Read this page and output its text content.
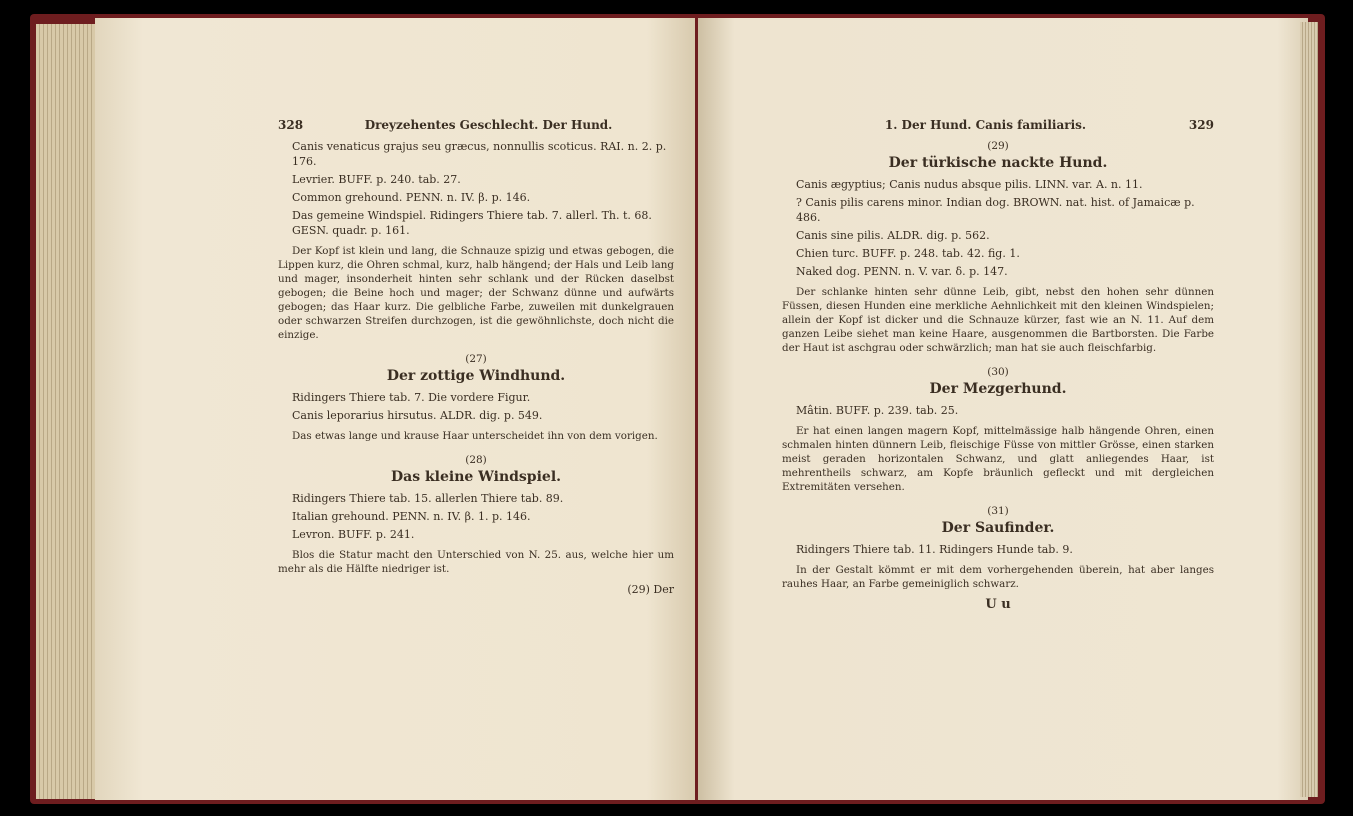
328	Dreyzehentes Geschlecht. Der Hund.
Canis venaticus grajus seu græcus, nonnullis scoticus. RAI. n. 2. p. 176.
Levrier. BUFF. p. 240. tab. 27.
Common grehound. PENN. n. IV. β. p. 146.
Das gemeine Windspiel. Ridingers Thiere tab. 7. allerl. Th. t. 68. GESN. quadr. p. 161.
Der Kopf ist klein und lang, die Schnauze spizig und etwas gebogen, die Lippen kurz, die Ohren schmal, kurz, halb hängend; der Hals und Leib lang und mager, insonderheit hinten sehr schlank und der Rücken daselbst gebogen; die Beine hoch und mager; der Schwanz dünne und aufwärts gebogen; das Haar kurz. Die gelbliche Farbe, zuweilen mit dunkelgrauen oder schwarzen Streifen durchzogen, ist die gewöhnlichste, doch nicht die einzige.
(27)
Der zottige Windhund.
Ridingers Thiere tab. 7. Die vordere Figur.
Canis leporarius hirsutus. ALDR. dig. p. 549.
Das etwas lange und krause Haar unterscheidet ihn von dem vorigen.
(28)
Das kleine Windspiel.
Ridingers Thiere tab. 15. allerlen Thiere tab. 89.
Italian grehound. PENN. n. IV. β. 1. p. 146.
Levron. BUFF. p. 241.
Blos die Statur macht den Unterschied von N. 25. aus, welche hier um mehr als die Hälfte niedriger ist.
(29) Der
1. Der Hund. Canis familiaris.	329
(29)
Der türkische nackte Hund.
Canis ægyptius; Canis nudus absque pilis. LINN. var. A. n. 11.
? Canis pilis carens minor. Indian dog. BROWN. nat. hist. of Jamaicæ p. 486.
Canis sine pilis. ALDR. dig. p. 562.
Chien turc. BUFF. p. 248. tab. 42. fig. 1.
Naked dog. PENN. n. V. var. δ. p. 147.
Der schlanke hinten sehr dünne Leib, gibt, nebst den hohen sehr dünnen Füssen, diesen Hunden eine merkliche Aehnlichkeit mit den kleinen Windspielen; allein der Kopf ist dicker und die Schnauze kürzer, fast wie an N. 11. Auf dem ganzen Leibe siehet man keine Haare, ausgenommen die Bartborsten. Die Farbe der Haut ist aschgrau oder schwärzlich; man hat sie auch fleischfarbig.
(30)
Der Mezgerhund.
Mâtin. BUFF. p. 239. tab. 25.
Er hat einen langen magern Kopf, mittelmässige halb hängende Ohren, einen schmalen hinten dünnern Leib, fleischige Füsse von mittler Grösse, einen starken meist geraden horizontalen Schwanz, und glatt anliegendes Haar, ist mehrentheils schwarz, am Kopfe bräunlich gefleckt und mit dergleichen Extremitäten versehen.
(31)
Der Saufinder.
Ridingers Thiere tab. 11. Ridingers Hunde tab. 9.
In der Gestalt kömmt er mit dem vorhergehenden überein, hat aber langes rauhes Haar, an Farbe gemeiniglich schwarz.
U u
